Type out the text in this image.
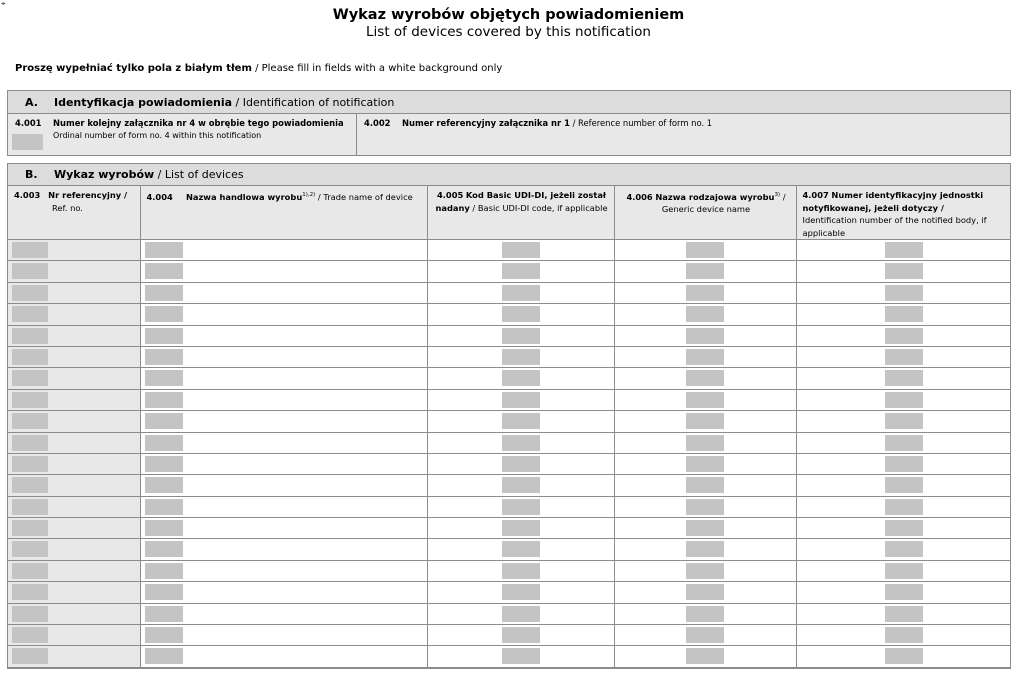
⌖
Wykaz wyrobów objętych powiadomieniem
List of devices covered by this notification
Proszę wypełniać tylko pola z białym tłem / Please fill in fields with a white background only
A.	Identyfikacja powiadomienia / Identification of notification
4.001 Numer kolejny załącznika nr 4 w obrębie tego powiadomienia
Ordinal number of form no. 4 within this notification
4.002 Numer referencyjny załącznika nr 1 / Reference number of form no. 1
B.	Wykaz wyrobów / List of devices
4.003 Nr referencyjny /
Ref. no.	4.004 Nazwa handlowa wyrobu$^{1),2)}$ / Trade name of device	4.005 Kod Basic UDI-DI, jeżeli został nadany / Basic UDI-DI code, if applicable	4.006 Nazwa rodzajowa wyrobu$^{3)}$ / Generic device name	4.007 Numer identyfikacyjny jednostki notyfikowanej, jeżeli dotyczy /
Identification number of the notified body, if applicable
